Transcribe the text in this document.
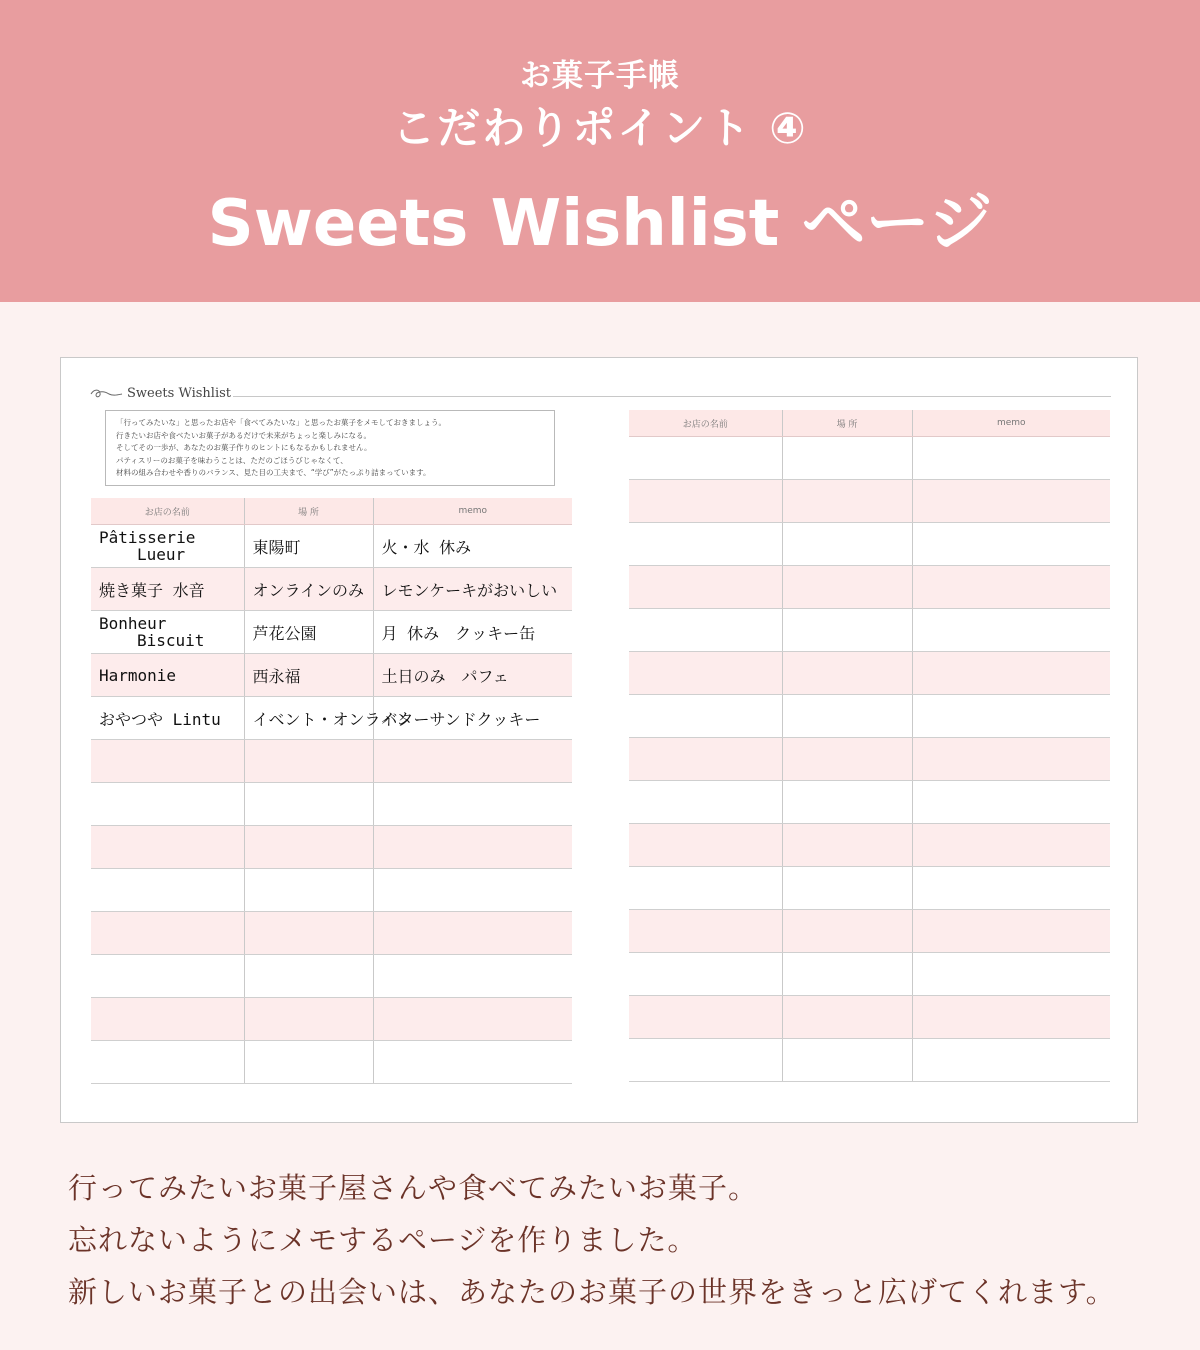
お菓子手帳
こだわりポイント ④
Sweets Wishlist ページ
Sweets Wishlist
「行ってみたいな」と思ったお店や「食べてみたいな」と思ったお菓子をメモしておきましょう。
行きたいお店や食べたいお菓子があるだけで未来がちょっと楽しみになる。
そしてその一歩が、あなたのお菓子作りのヒントにもなるかもしれません。
パティスリーのお菓子を味わうことは、ただのごほうびじゃなくて、
材料の組み合わせや香りのバランス、見た目の工夫まで、“学び”がたっぷり詰まっています。
お店の名前	場 所	memo

Pâtisserie
Lueur	東陽町	火・水 休み
焼き菓子 水音	オンラインのみ	レモンケーキがおいしい

Bonheur
Biscuit	芦花公園	月 休み　クッキー缶
Harmonie	西永福	土日のみ　パフェ
おやつや Lintu	イベント・オンライン	バターサンドクッキー

お店の名前	場 所	memo

行ってみたいお菓子屋さんや食べてみたいお菓子。
忘れないようにメモするページを作りました。
新しいお菓子との出会いは、あなたのお菓子の世界をきっと広げてくれます。
